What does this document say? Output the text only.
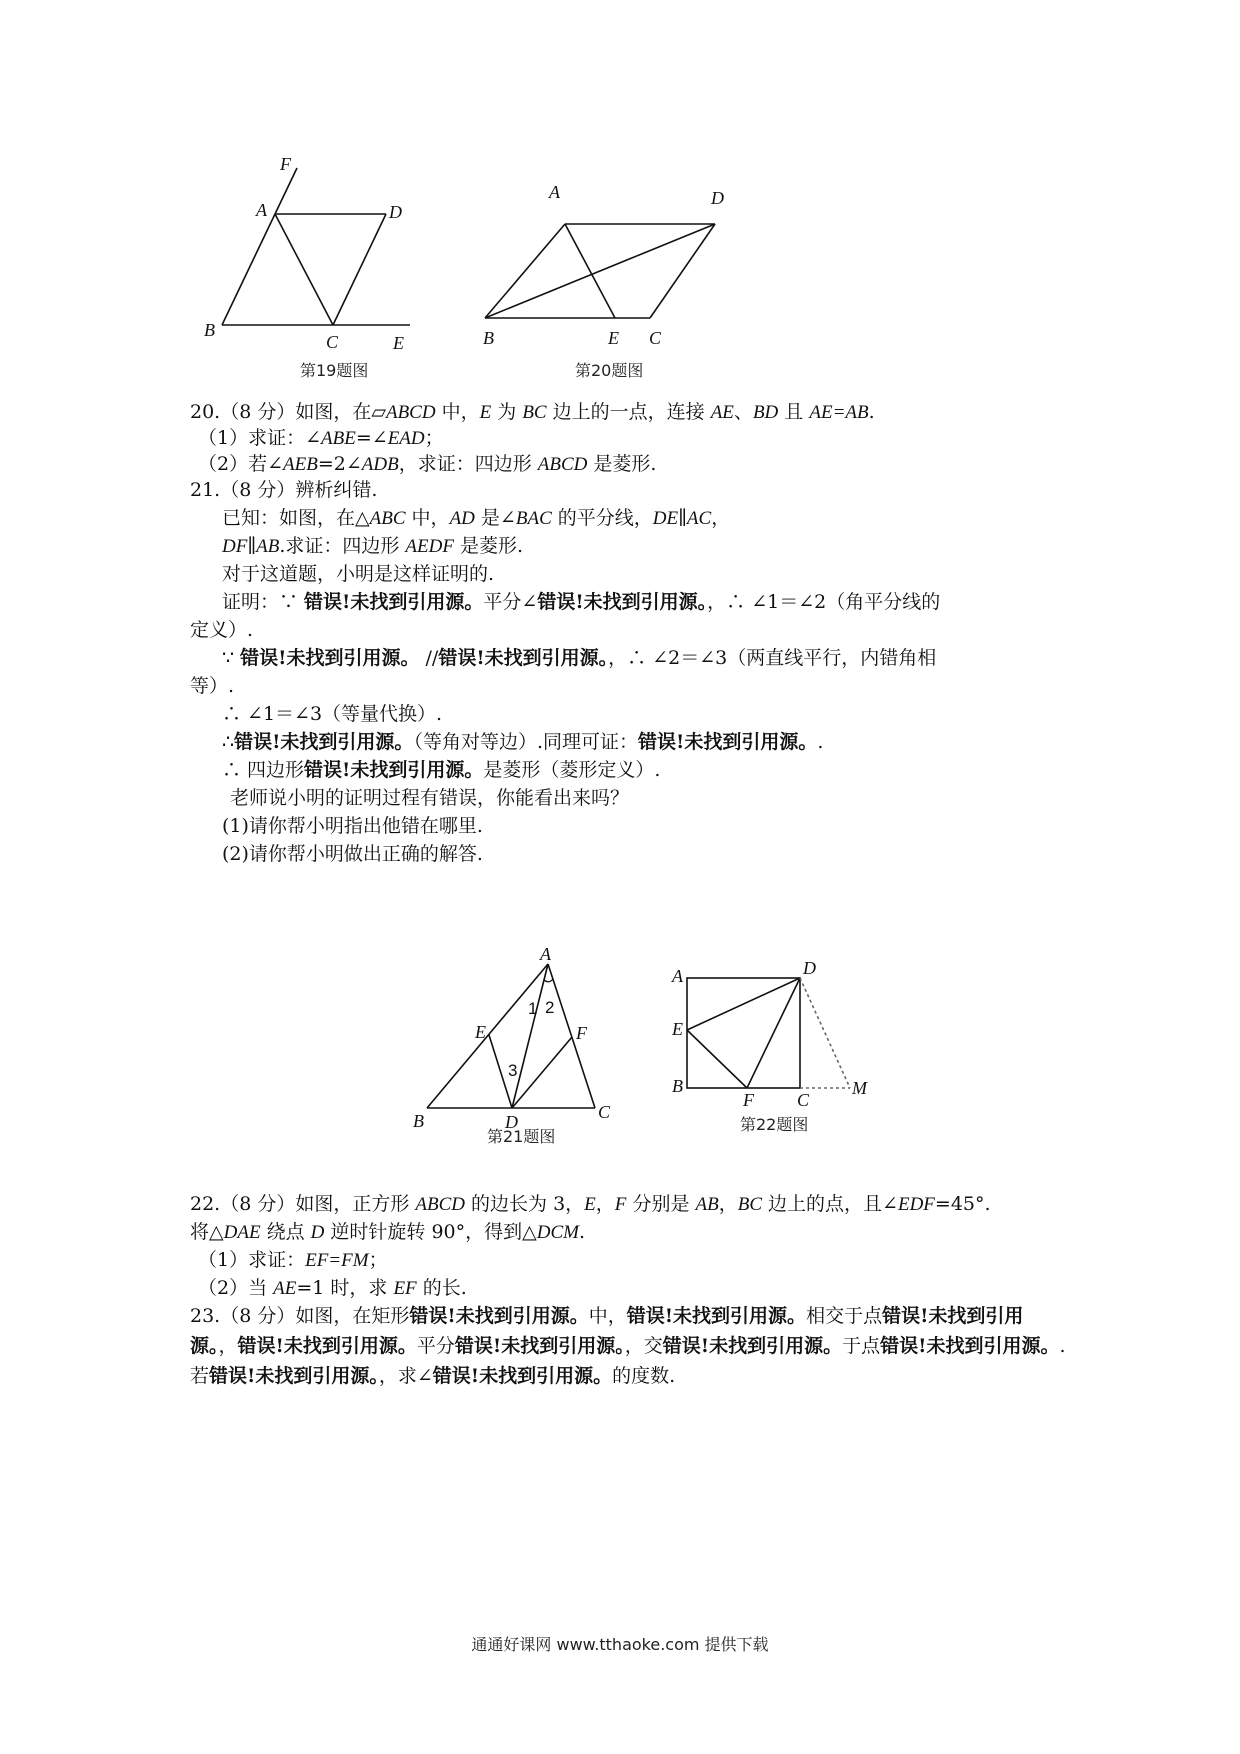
F
A	D
B
C	E
第19题图
A	D
B	E C
第20题图
20.（8 分）如图，在▱ABCD 中，E 为 BC 边上的一点，连接 AE、BD 且 AE=AB.
（1）求证：∠ABE=∠EAD；
（2）若∠AEB=2∠ADB，求证：四边形 ABCD 是菱形.
21.（8 分）辨析纠错.
已知：如图，在△ABC 中，AD 是∠BAC 的平分线，DE∥AC，
DF∥AB.求证：四边形 AEDF 是菱形.
对于这道题，小明是这样证明的.
证明：∵ 错误!未找到引用源。平分∠错误!未找到引用源。，∴ ∠1＝∠2（角平分线的
定义）.
∵ 错误!未找到引用源。 //错误!未找到引用源。，∴ ∠2＝∠3（两直线平行，内错角相
等）.
∴ ∠1＝∠3（等量代换）.
∴错误!未找到引用源。（等角对等边）.同理可证：错误!未找到引用源。.
∴ 四边形错误!未找到引用源。是菱形（菱形定义）.
老师说小明的证明过程有错误，你能看出来吗？
(1)请你帮小明指出他错在哪里.
(2)请你帮小明做出正确的解答.
A
E	F
B	D	C
1 2
3
第21题图
A	D
E
B
F C
M
第22题图
22.（8 分）如图，正方形 ABCD 的边长为 3，E，F 分别是 AB，BC 边上的点，且∠EDF=45°.
将△DAE 绕点 D 逆时针旋转 90°，得到△DCM.
（1）求证：EF=FM；
（2）当 AE=1 时，求 EF 的长.
23.（8 分）如图，在矩形错误!未找到引用源。中，错误!未找到引用源。相交于点错误!未找到引用源。，错误!未找到引用源。平分错误!未找到引用源。，交错误!未找到引用源。于点错误!未找到引用源。.若错误!未找到引用源。，求∠错误!未找到引用源。的度数.
通通好课网 www.tthaoke.com 提供下载
